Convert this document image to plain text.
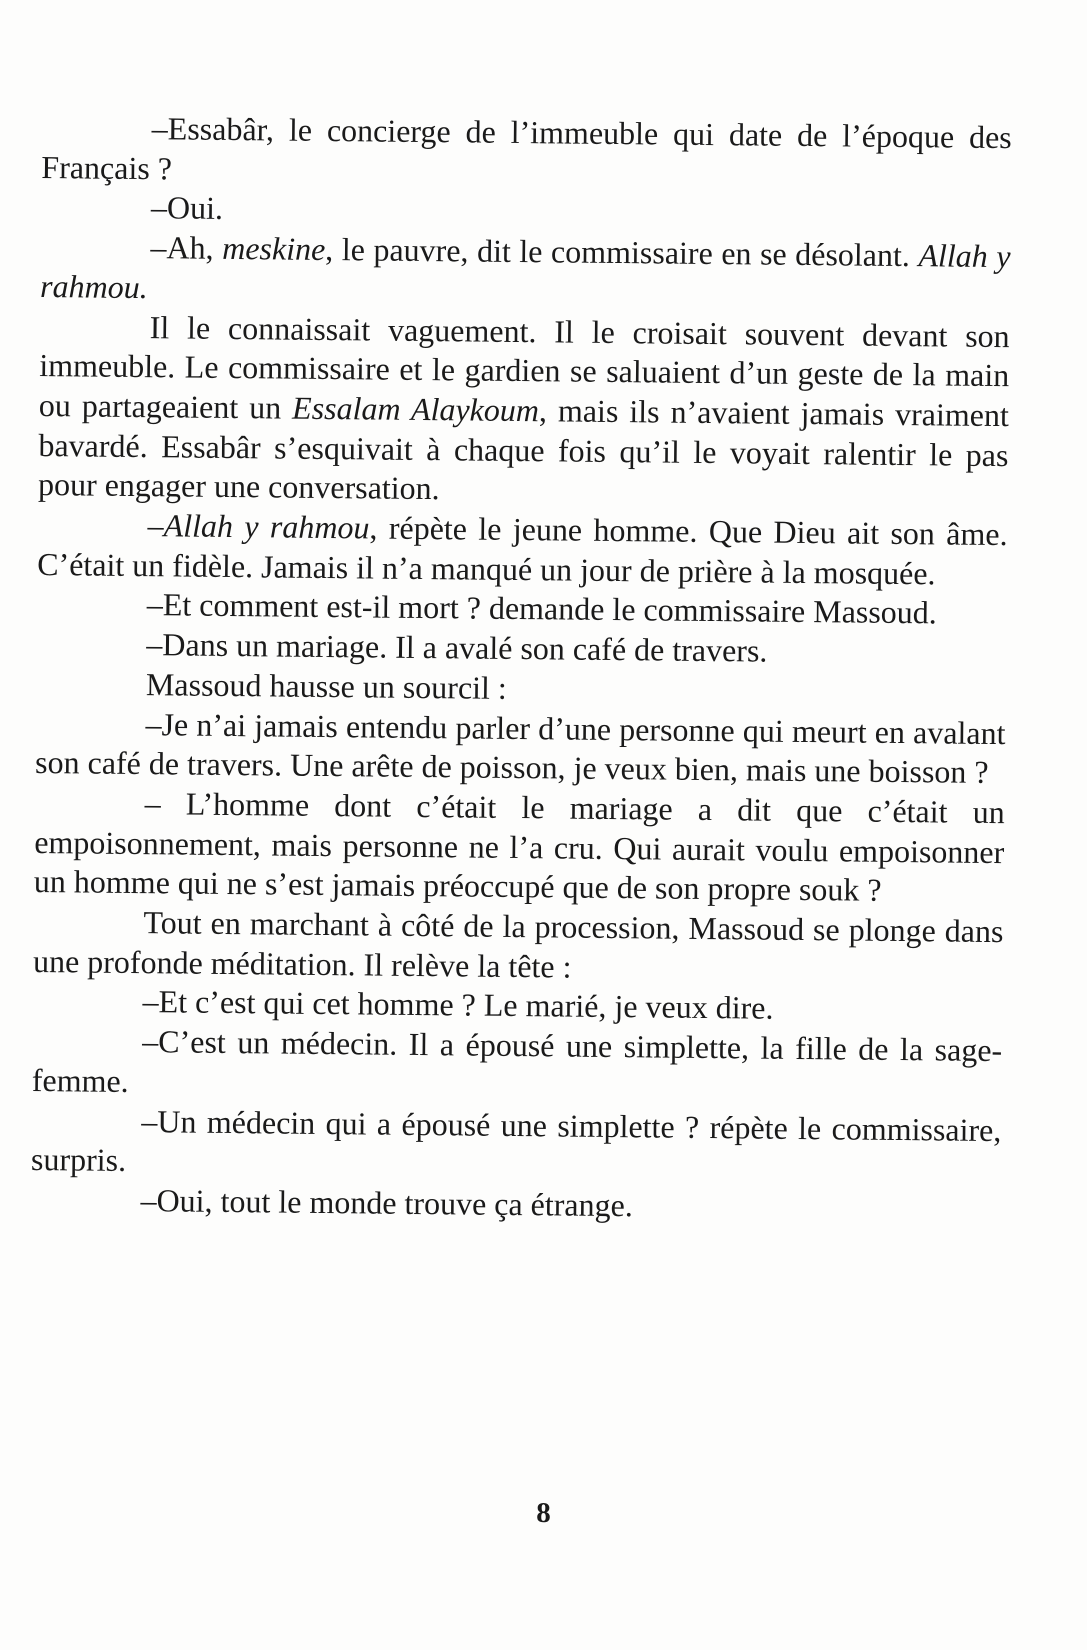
–Essabâr, le concierge de l’immeuble qui date de l’époque des Français ?

–Oui.

–Ah, meskine, le pauvre, dit le commissaire en se désolant. Allah y rahmou.

Il le connaissait vaguement. Il le croisait souvent devant son immeuble. Le commissaire et le gardien se saluaient d’un geste de la main ou partageaient un Essalam Alaykoum, mais ils n’avaient jamais vraiment bavardé. Essabâr s’esquivait à chaque fois qu’il le voyait ralentir le pas pour engager une conversation.

–Allah y rahmou, répète le jeune homme. Que Dieu ait son âme. C’était un fidèle. Jamais il n’a manqué un jour de prière à la mosquée.

–Et comment est-il mort ? demande le commissaire Massoud.

–Dans un mariage. Il a avalé son café de travers.

Massoud hausse un sourcil :

–Je n’ai jamais entendu parler d’une personne qui meurt en avalant son café de travers. Une arête de poisson, je veux bien, mais une boisson ?

– L’homme dont c’était le mariage a dit que c’était un empoisonnement, mais personne ne l’a cru. Qui aurait voulu empoisonner un homme qui ne s’est jamais préoccupé que de son propre souk ?

Tout en marchant à côté de la procession, Massoud se plonge dans une profonde méditation. Il relève la tête :

–Et c’est qui cet homme ? Le marié, je veux dire.

–C’est un médecin. Il a épousé une simplette, la fille de la sage-femme.

–Un médecin qui a épousé une simplette ? répète le commissaire, surpris.

–Oui, tout le monde trouve ça étrange.

8
